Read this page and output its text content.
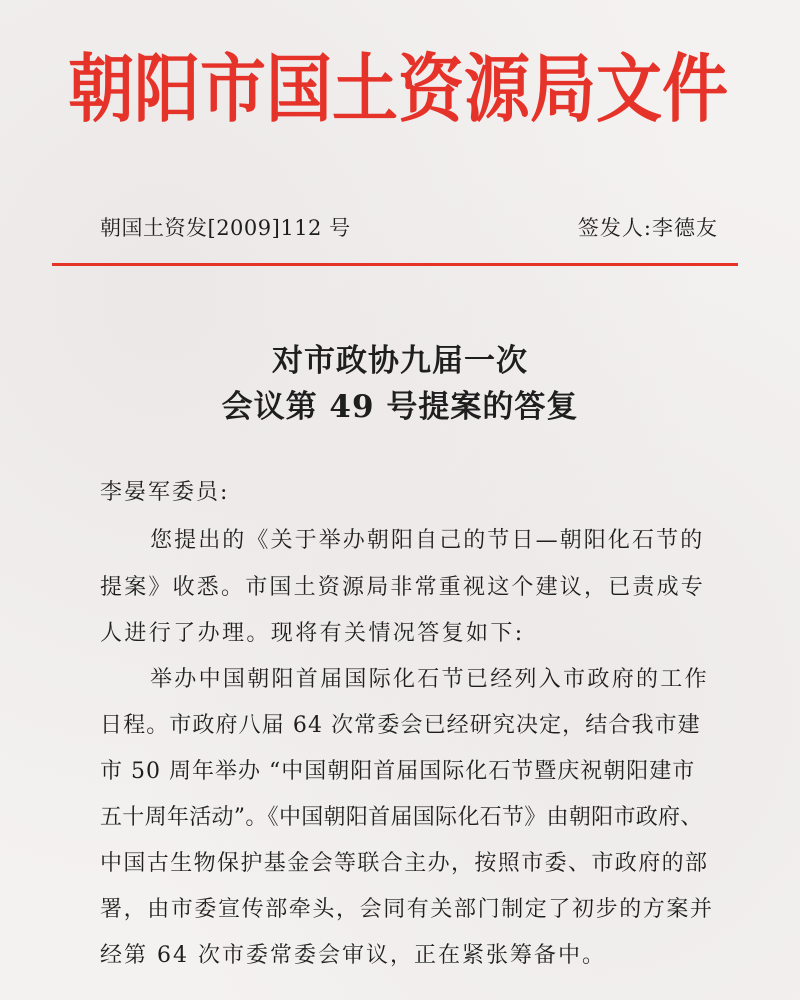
朝阳市国土资源局文件
朝国土资发[2009]112 号	签发人:李德友
对市政协九届一次
会议第 49 号提案的答复
李晏军委员:
您提出的《关于举办朝阳自己的节日—朝阳化石节的
提案》收悉。市国土资源局非常重视这个建议，已责成专
人进行了办理。现将有关情况答复如下:
举办中国朝阳首届国际化石节已经列入市政府的工作
日程。市政府八届 64 次常委会已经研究决定，结合我市建
市 50 周年举办 “中国朝阳首届国际化石节暨庆祝朝阳建市
五十周年活动”。《中国朝阳首届国际化石节》由朝阳市政府、
中国古生物保护基金会等联合主办，按照市委、市政府的部
署，由市委宣传部牵头，会同有关部门制定了初步的方案并
经第 64 次市委常委会审议，正在紧张筹备中。
